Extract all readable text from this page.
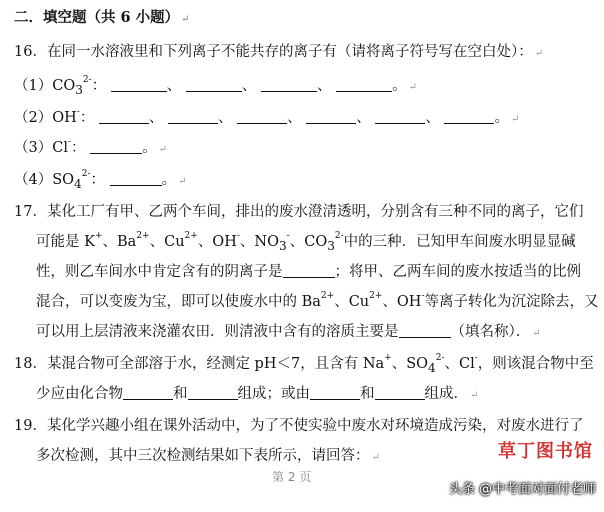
二．填空题（共 6 小题） ↵
16．在同一水溶液里和下列离子不能共存的离子有（请将离子符号写在空白处）： ↵
$(1)CO_3^{2-}$：	、	、	、	。 ↵
（2）OH-：	、	、	、	、	、	。 ↵
（3）Cl-：	。 ↵
$(4)SO_4^{2-}$：	。 ↵
17．某化工厂有甲、乙两个车间，排出的废水澄清透明，分别含有三种不同的离子，它们
可能是 K+、$Ba^{2+}$、$Cu^{2+}$、OH-、$NO_3^-$、$CO_3^{2-}$中的三种．已知甲车间废水明显显碱
性，则乙车间水中肯定含有的阴离子是	；将甲、乙两车间的废水按适当的比例
混合，可以变废为宝，即可以使废水中的 $Ba^{2+}$、$Cu^{2+}$、OH-等离子转化为沉淀除去，又
可以用上层清液来浇灌农田．则清液中含有的溶质主要是	（填名称）． ↵
18．某混合物可全部溶于水，经测定 pH＜7，且含有 Na+、$SO_4^{2-}$、Cl-，则该混合物中至
少应由化合物	和	组成；或由	和	组成． ↵
19．某化学兴趣小组在课外活动中，为了不使实验中废水对环境造成污染，对废水进行了
多次检测，其中三次检测结果如下表所示，请回答： ↵
第 2 页
草丁图书馆
头条 @中考面对面付老师
